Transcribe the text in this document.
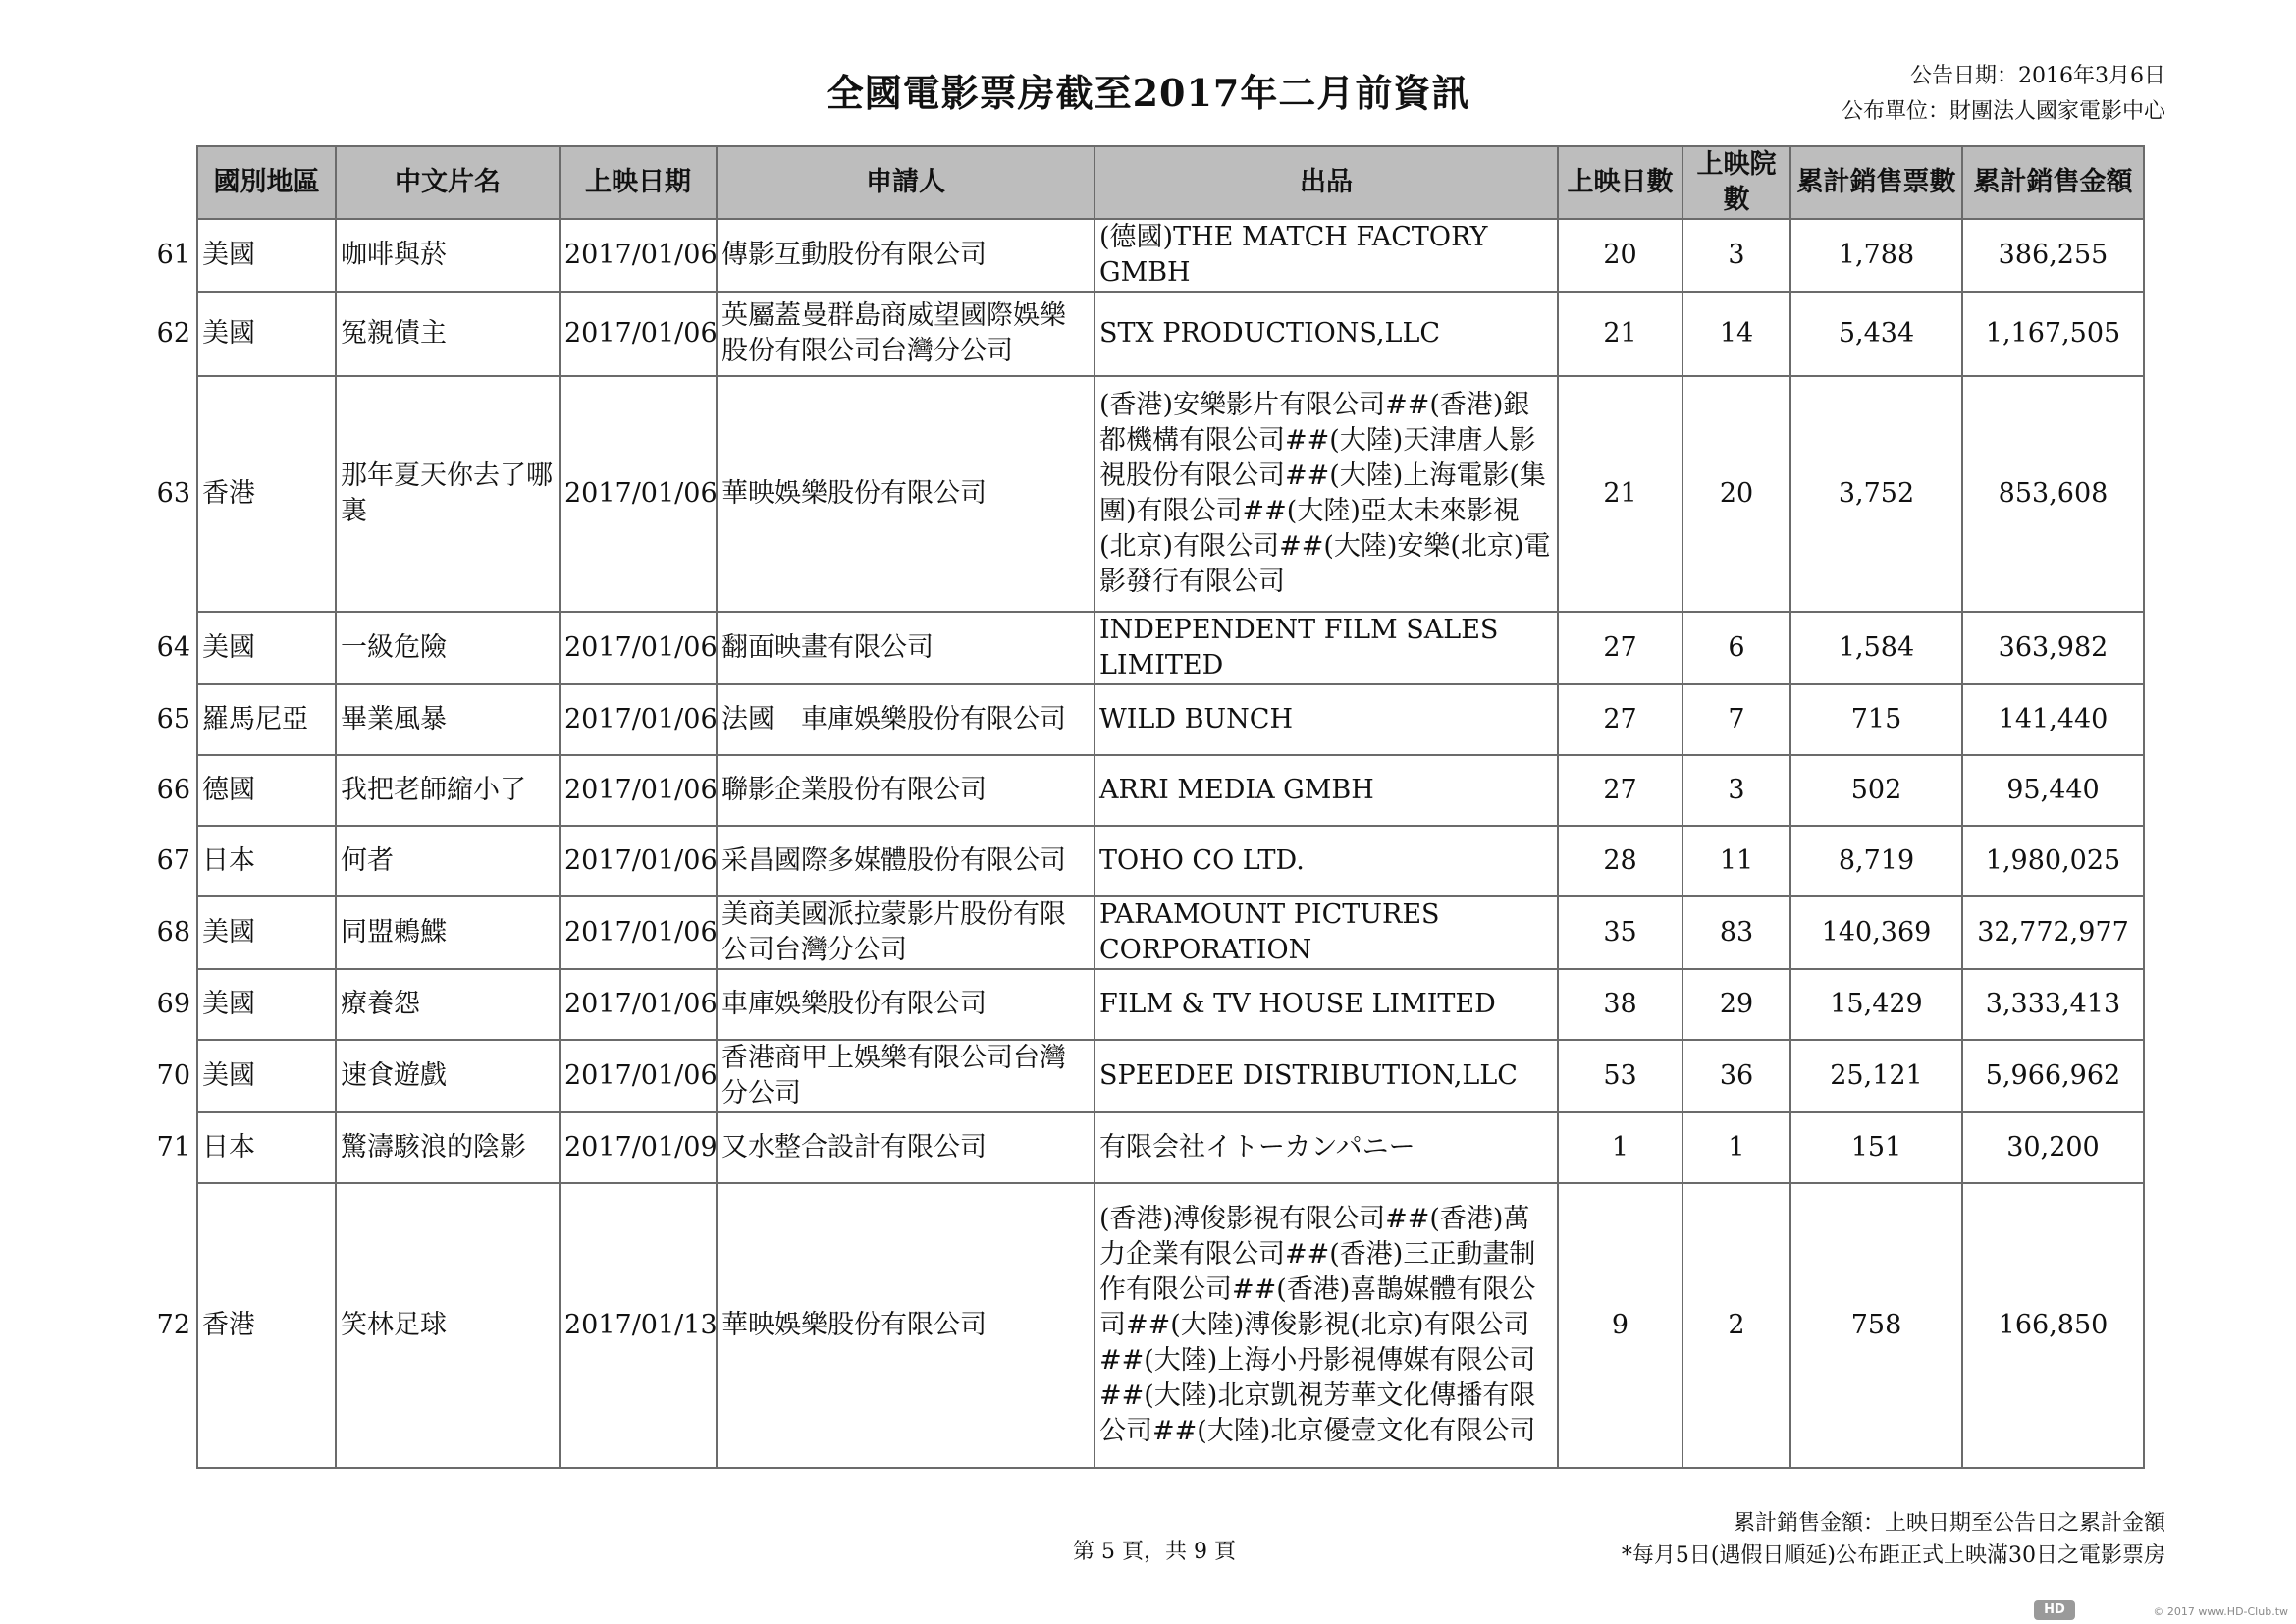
全國電影票房截至2017年二月前資訊	公告日期：2016年3月6日
公布單位：財團法人國家電影中心
國別地區	中文片名	上映日期	申請人	出品	上映日數	上映院數	累計銷售票數	累計銷售金額

61 美國	咖啡與菸	2017/01/06	傳影互動股份有限公司	(德國)THE MATCH FACTORY GMBH	20	3	1,788	386,255

62 美國	冤親債主	2017/01/06	英屬蓋曼群島商威望國際娛樂股份有限公司台灣分公司	STX PRODUCTIONS,LLC	21	14	5,434	1,167,505

63 香港	那年夏天你去了哪裏	2017/01/06	華映娛樂股份有限公司	(香港)安樂影片有限公司##(香港)銀都機構有限公司##(大陸)天津唐人影視股份有限公司##(大陸)上海電影(集團)有限公司##(大陸)亞太未來影視(北京)有限公司##(大陸)安樂(北京)電影發行有限公司	21	20	3,752	853,608

64 美國	一級危險	2017/01/06	翻面映畫有限公司	INDEPENDENT FILM SALES LIMITED	27	6	1,584	363,982

65 羅馬尼亞	畢業風暴	2017/01/06	法國　車庫娛樂股份有限公司	WILD BUNCH	27	7	715	141,440

66 德國	我把老師縮小了	2017/01/06	聯影企業股份有限公司	ARRI MEDIA GMBH	27	3	502	95,440

67 日本	何者	2017/01/06	采昌國際多媒體股份有限公司	TOHO CO LTD.	28	11	8,719	1,980,025

68 美國	同盟鶇鰈	2017/01/06	美商美國派拉蒙影片股份有限公司台灣分公司	PARAMOUNT PICTURES CORPORATION	35	83	140,369	32,772,977

69 美國	療養怨	2017/01/06	車庫娛樂股份有限公司	FILM & TV HOUSE LIMITED	38	29	15,429	3,333,413

70 美國	速食遊戲	2017/01/06	香港商甲上娛樂有限公司台灣分公司	SPEEDEE DISTRIBUTION,LLC	53	36	25,121	5,966,962

71 日本	驚濤駭浪的陰影	2017/01/09	又水整合設計有限公司	有限会社イトーカンパニー	1	1	151	30,200

72 香港	笑林足球	2017/01/13	華映娛樂股份有限公司	(香港)溥俊影視有限公司##(香港)萬力企業有限公司##(香港)三正動畫制作有限公司##(香港)喜鵲媒體有限公司##(大陸)溥俊影視(北京)有限公司##(大陸)上海小丹影視傳媒有限公司##(大陸)北京凱視芳華文化傳播有限公司##(大陸)北京優壹文化有限公司	9	2	758	166,850
第 5 頁，共 9 頁
累計銷售金額：上映日期至公告日之累計金額
*每月5日(遇假日順延)公布距正式上映滿30日之電影票房
HD	© 2017 www.HD-Club.tw
